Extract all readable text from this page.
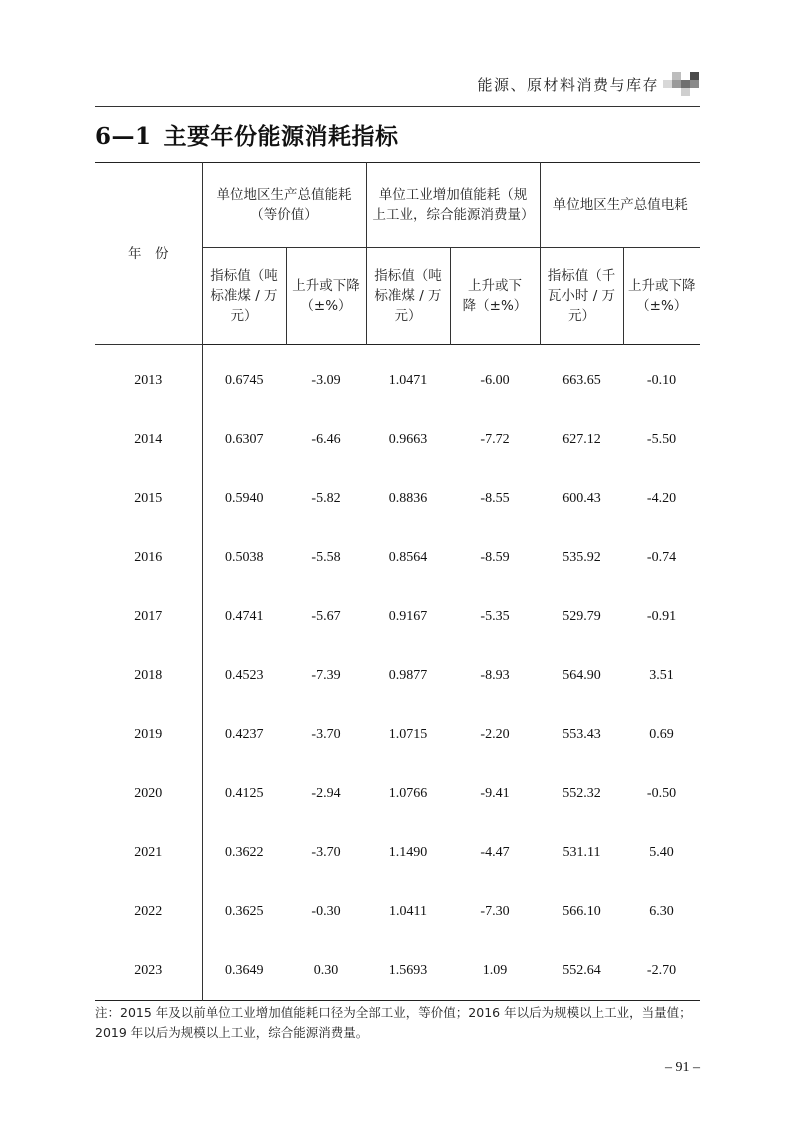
能源、原材料消费与库存
6—1 主要年份能源消耗指标
年　份	单位地区生产总值能耗（等价值）		单位工业增加值能耗（规上工业，综合能源消费量）		单位地区生产总值电耗	

	指标值（吨标准煤 / 万元）	上升或下降（±%）	指标值（吨标准煤 / 万元）	上升或下降（±%）	指标值（千瓦小时 / 万元）	上升或下降（±%）

2013	0.6745	-3.09	1.0471	-6.00	663.65	-0.10
2014	0.6307	-6.46	0.9663	-7.72	627.12	-5.50
2015	0.5940	-5.82	0.8836	-8.55	600.43	-4.20
2016	0.5038	-5.58	0.8564	-8.59	535.92	-0.74
2017	0.4741	-5.67	0.9167	-5.35	529.79	-0.91
2018	0.4523	-7.39	0.9877	-8.93	564.90	3.51
2019	0.4237	-3.70	1.0715	-2.20	553.43	0.69
2020	0.4125	-2.94	1.0766	-9.41	552.32	-0.50
2021	0.3622	-3.70	1.1490	-4.47	531.11	5.40
2022	0.3625	-0.30	1.0411	-7.30	566.10	6.30
2023	0.3649	0.30	1.5693	1.09	552.64	-2.70
注：2015 年及以前单位工业增加值能耗口径为全部工业，等价值；2016 年以后为规模以上工业，当量值；2019 年以后为规模以上工业，综合能源消费量。
– 91 –
